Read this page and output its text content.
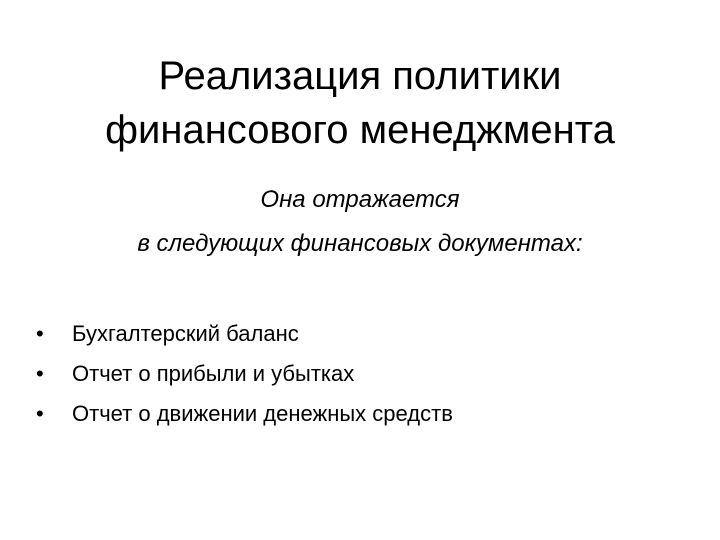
Реализация политики
финансового менеджмента
Она отражается
в следующих финансовых документах:
• Бухгалтерский баланс
• Отчет о прибыли и убытках
• Отчет о движении денежных средств
